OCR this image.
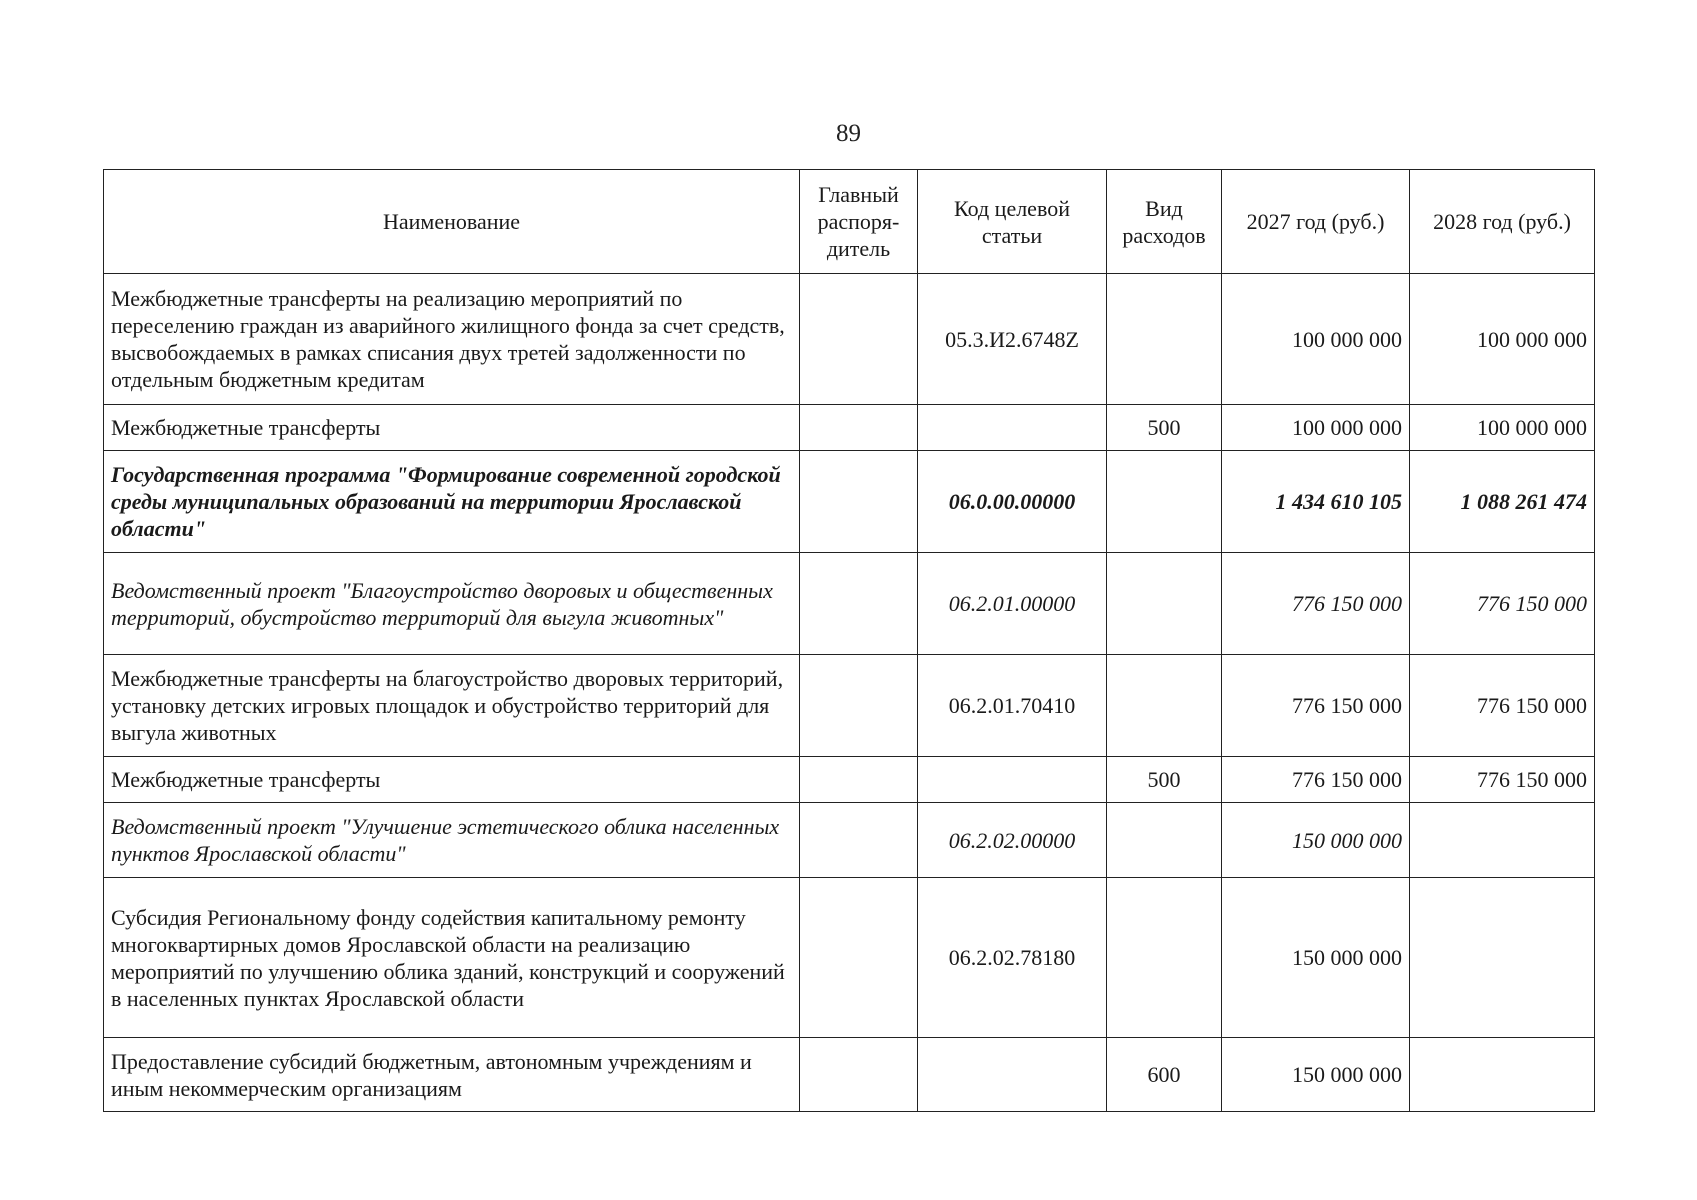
89
Наименование	Главный распоря-дитель	Код целевой статьи	Вид расходов	2027 год (руб.)	2028 год (руб.)
Межбюджетные трансферты на реализацию мероприятий по переселению граждан из аварийного жилищного фонда за счет средств, высвобождаемых в рамках списания двух третей задолженности по отдельным бюджетным кредитам		05.3.И2.6748Z		100 000 000	100 000 000
Межбюджетные трансферты			500	100 000 000	100 000 000
Государственная программа "Формирование современной городской среды муниципальных образований на территории Ярославской области"		06.0.00.00000		1 434 610 105	1 088 261 474
Ведомственный проект "Благоустройство дворовых и общественных территорий, обустройство территорий для выгула животных"		06.2.01.00000		776 150 000	776 150 000
Межбюджетные трансферты на благоустройство дворовых территорий, установку детских игровых площадок и обустройство территорий для выгула животных		06.2.01.70410		776 150 000	776 150 000
Межбюджетные трансферты			500	776 150 000	776 150 000
Ведомственный проект "Улучшение эстетического облика населенных пунктов Ярославской области"		06.2.02.00000		150 000 000	
Субсидия Региональному фонду содействия капитальному ремонту многоквартирных домов Ярославской области на реализацию мероприятий по улучшению облика зданий, конструкций и сооружений в населенных пунктах Ярославской области		06.2.02.78180		150 000 000	
Предоставление субсидий бюджетным, автономным учреждениям и иным некоммерческим организациям			600	150 000 000	
